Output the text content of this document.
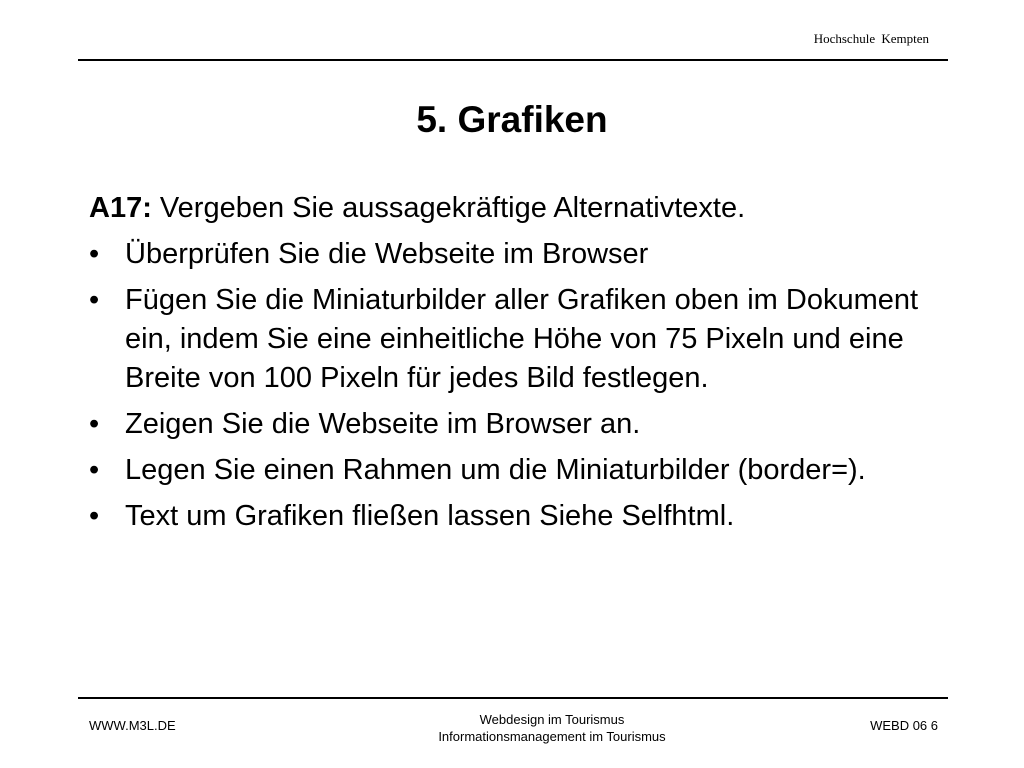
Hochschule Kempten
5. Grafiken
A17: Vergeben Sie aussagekräftige Alternativtexte.
• Überprüfen Sie die Webseite im Browser
• Fügen Sie die Miniaturbilder aller Grafiken oben im Dokument ein, indem Sie eine einheitliche Höhe von 75 Pixeln und eine Breite von 100 Pixeln für jedes Bild festlegen.
• Zeigen Sie die Webseite im Browser an.
• Legen Sie einen Rahmen um die Miniaturbilder (border=).
• Text um Grafiken fließen lassen Siehe Selfhtml.
WWW.M3L.DE	Webdesign im Tourismus
Informationsmanagement im Tourismus
WEBD 06 6
